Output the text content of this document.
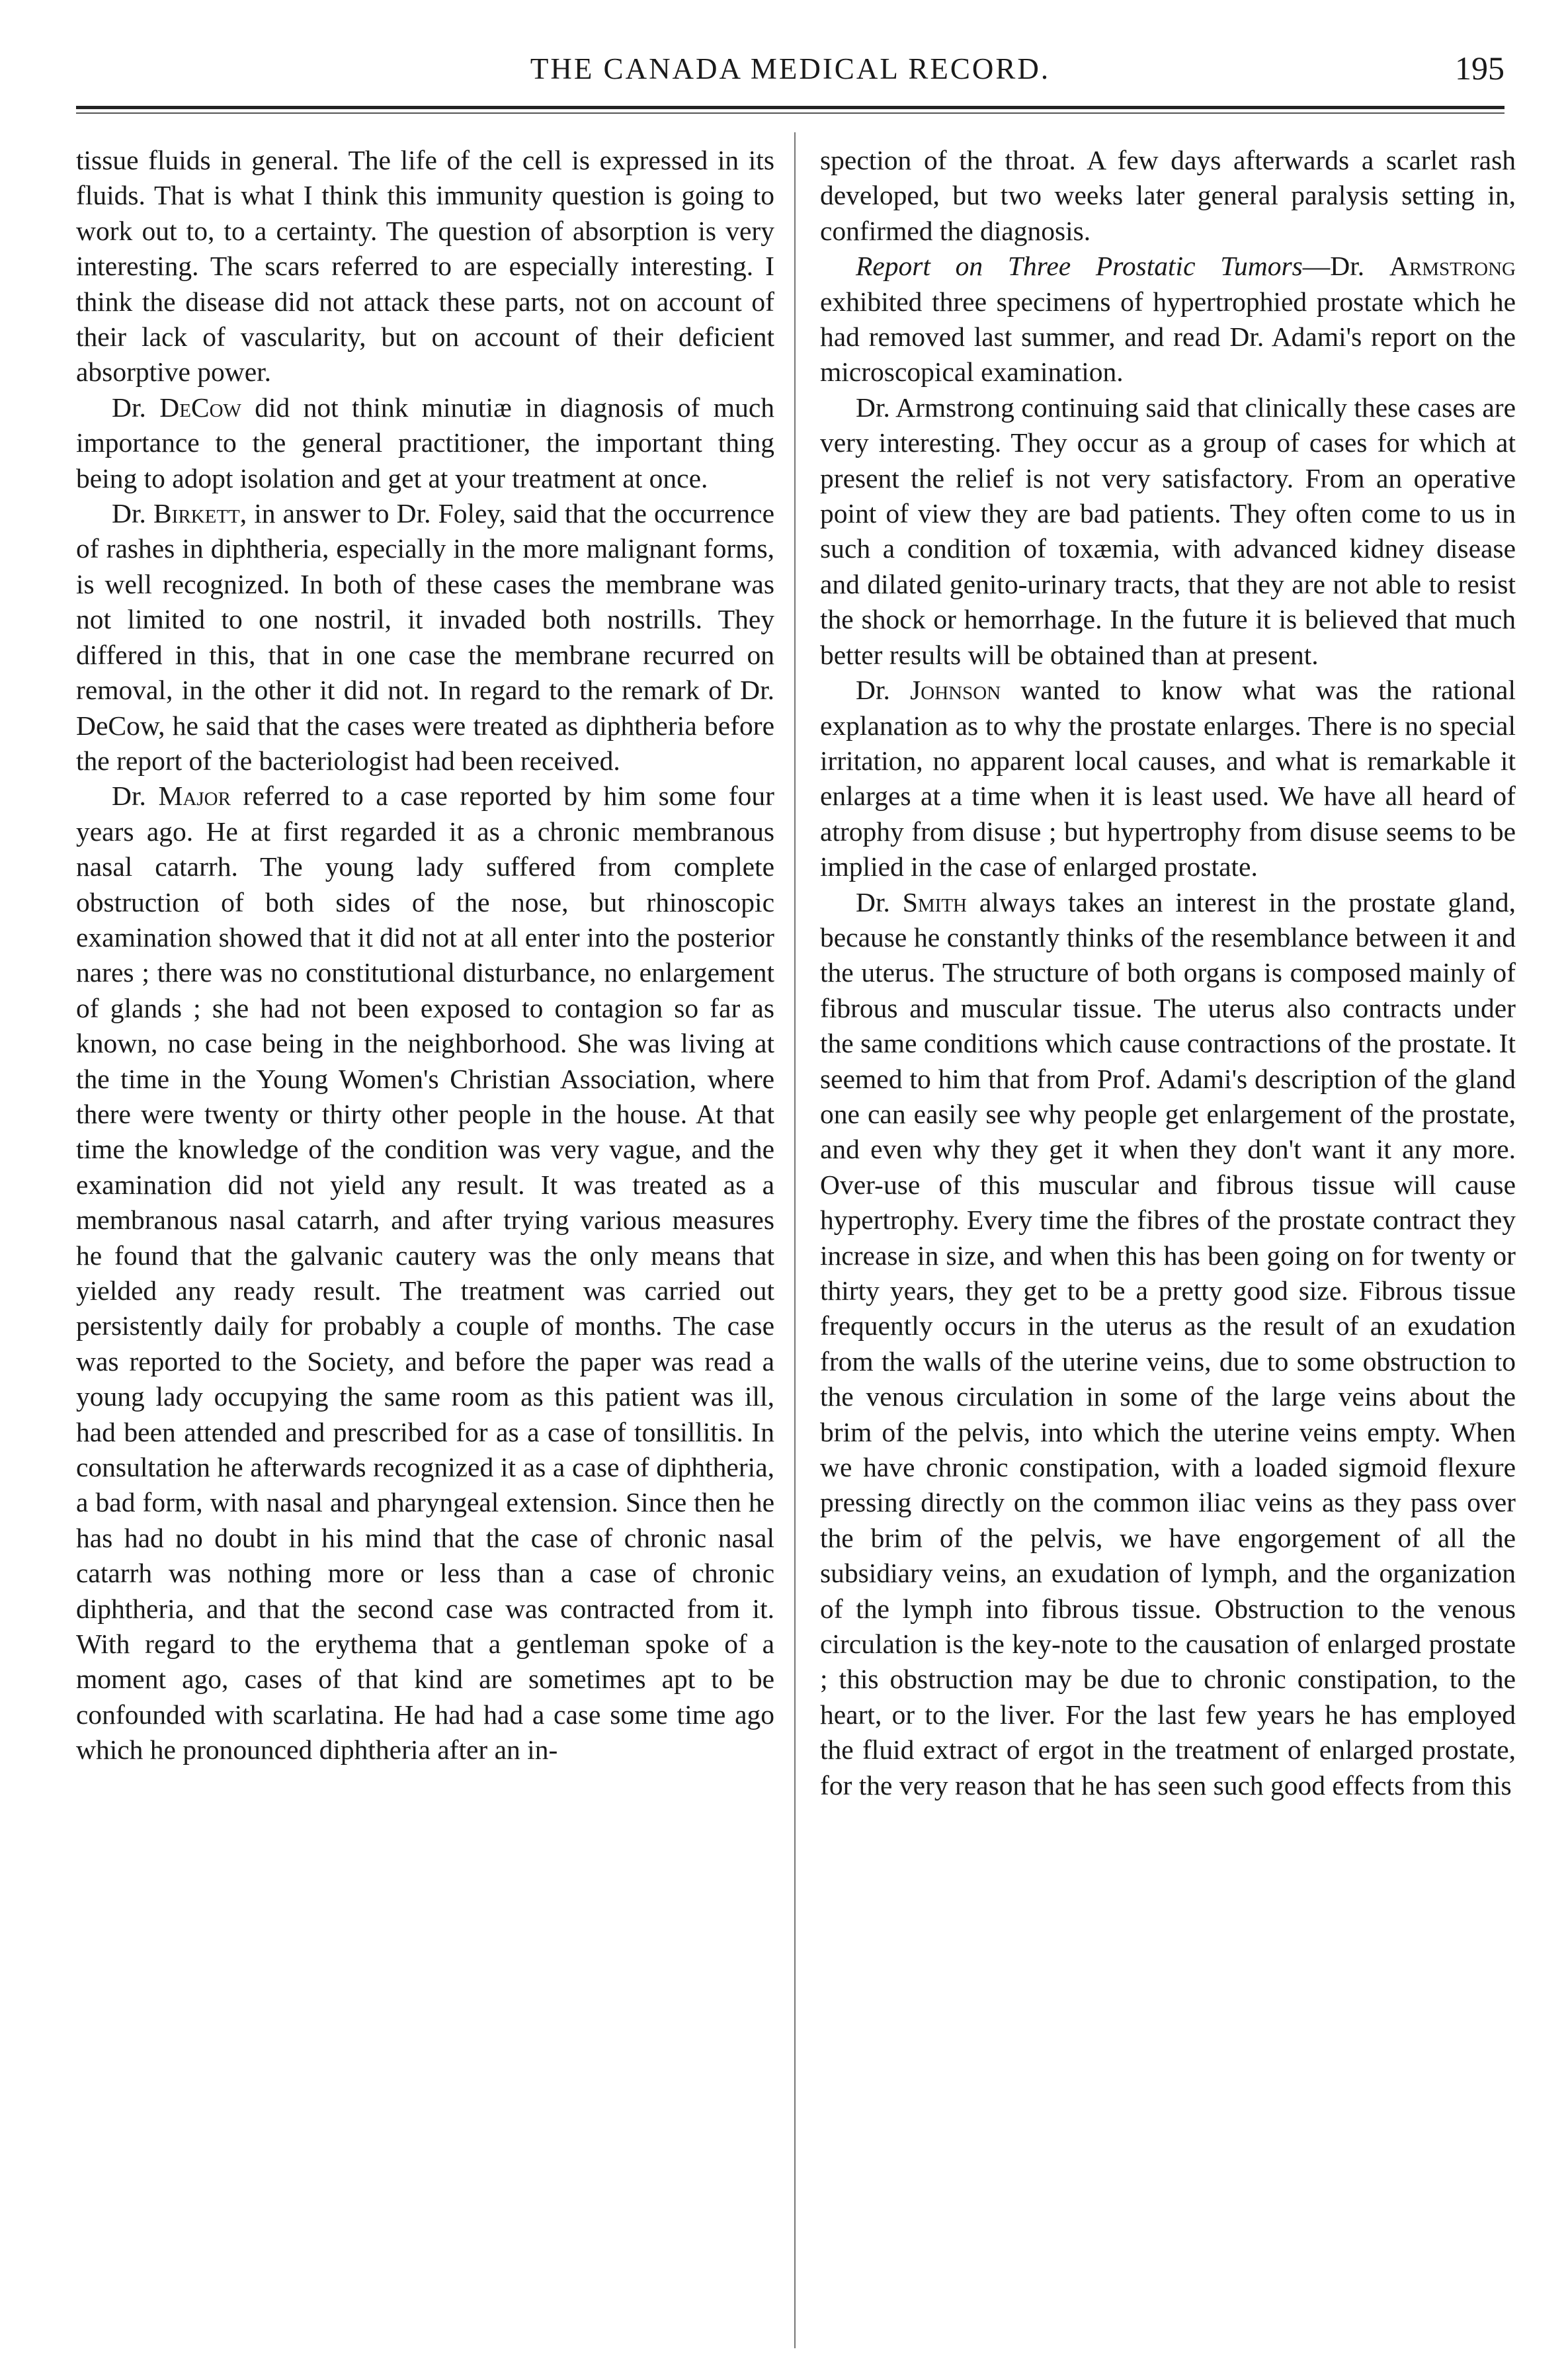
THE CANADA MEDICAL RECORD.	195

tissue fluids in general. The life of the cell is expressed in its fluids. That is what I think this immunity question is going to work out to, to a certainty. The question of absorption is very interesting. The scars referred to are especially interesting. I think the disease did not attack these parts, not on account of their lack of vascularity, but on account of their deficient absorptive power.

Dr. DeCow did not think minutiæ in diagnosis of much importance to the general practitioner, the important thing being to adopt isolation and get at your treatment at once.

Dr. Birkett, in answer to Dr. Foley, said that the occurrence of rashes in diphtheria, especially in the more malignant forms, is well recognized. In both of these cases the membrane was not limited to one nostril, it invaded both nostrills. They differed in this, that in one case the membrane recurred on removal, in the other it did not. In regard to the remark of Dr. DeCow, he said that the cases were treated as diphtheria before the report of the bacteriologist had been received.

Dr. Major referred to a case reported by him some four years ago. He at first regarded it as a chronic membranous nasal catarrh. The young lady suffered from complete obstruction of both sides of the nose, but rhinoscopic examination showed that it did not at all enter into the posterior nares ; there was no constitutional disturbance, no enlargement of glands ; she had not been exposed to contagion so far as known, no case being in the neighborhood. She was living at the time in the Young Women's Christian Association, where there were twenty or thirty other people in the house. At that time the knowledge of the condition was very vague, and the examination did not yield any result. It was treated as a membranous nasal catarrh, and after trying various measures he found that the galvanic cautery was the only means that yielded any ready result. The treatment was carried out persistently daily for probably a couple of months. The case was reported to the Society, and before the paper was read a young lady occupying the same room as this patient was ill, had been attended and prescribed for as a case of tonsillitis. In consultation he afterwards recognized it as a case of diphtheria, a bad form, with nasal and pharyngeal extension. Since then he has had no doubt in his mind that the case of chronic nasal catarrh was nothing more or less than a case of chronic diphtheria, and that the second case was contracted from it. With regard to the erythema that a gentleman spoke of a moment ago, cases of that kind are sometimes apt to be confounded with scarlatina. He had had a case some time ago which he pronounced diphtheria after an in-

spection of the throat. A few days afterwards a scarlet rash developed, but two weeks later general paralysis setting in, confirmed the diagnosis.

Report on Three Prostatic Tumors—Dr. Armstrong exhibited three specimens of hypertrophied prostate which he had removed last summer, and read Dr. Adami's report on the microscopical examination.

Dr. Armstrong continuing said that clinically these cases are very interesting. They occur as a group of cases for which at present the relief is not very satisfactory. From an operative point of view they are bad patients. They often come to us in such a condition of toxæmia, with advanced kidney disease and dilated genito-urinary tracts, that they are not able to resist the shock or hemorrhage. In the future it is believed that much better results will be obtained than at present.

Dr. Johnson wanted to know what was the rational explanation as to why the prostate enlarges. There is no special irritation, no apparent local causes, and what is remarkable it enlarges at a time when it is least used. We have all heard of atrophy from disuse ; but hypertrophy from disuse seems to be implied in the case of enlarged prostate.

Dr. Smith always takes an interest in the prostate gland, because he constantly thinks of the resemblance between it and the uterus. The structure of both organs is composed mainly of fibrous and muscular tissue. The uterus also contracts under the same conditions which cause contractions of the prostate. It seemed to him that from Prof. Adami's description of the gland one can easily see why people get enlargement of the prostate, and even why they get it when they don't want it any more. Over-use of this muscular and fibrous tissue will cause hypertrophy. Every time the fibres of the prostate contract they increase in size, and when this has been going on for twenty or thirty years, they get to be a pretty good size. Fibrous tissue frequently occurs in the uterus as the result of an exudation from the walls of the uterine veins, due to some obstruction to the venous circulation in some of the large veins about the brim of the pelvis, into which the uterine veins empty. When we have chronic constipation, with a loaded sigmoid flexure pressing directly on the common iliac veins as they pass over the brim of the pelvis, we have engorgement of all the subsidiary veins, an exudation of lymph, and the organization of the lymph into fibrous tissue. Obstruction to the venous circulation is the key-note to the causation of enlarged prostate ; this obstruction may be due to chronic constipation, to the heart, or to the liver. For the last few years he has employed the fluid extract of ergot in the treatment of enlarged prostate, for the very reason that he has seen such good effects from this
